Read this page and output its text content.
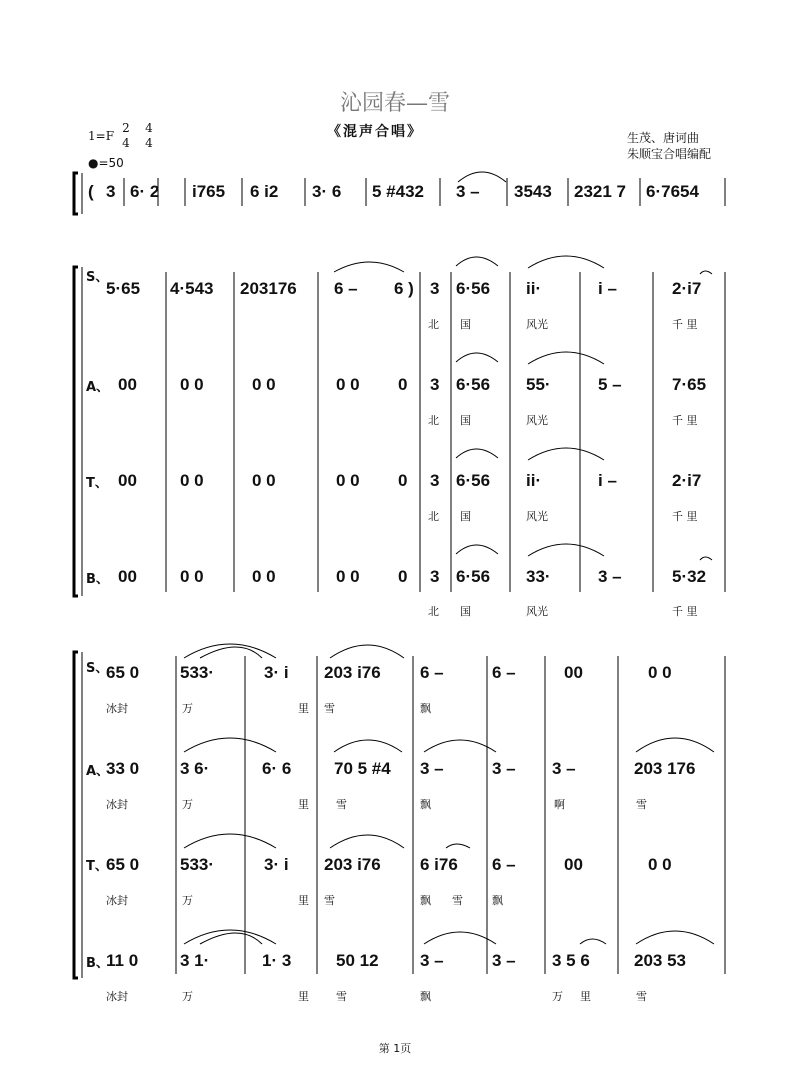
沁园春—雪
《混声合唱》
1=F
2
4
4
4
●=50
生茂、唐诃曲
朱顺宝合唱编配
( 3 6· 2 i765 6 i2 3· 6 5 #432 3 – 3543 2321 7 6·7654
S、
5·65 4·543 203176 6 – 6 ) 3 6·56 ii·	i –	2·i7
北 国	风光	千 里
A、 00	0 0	0 0	0 0 0 3 6·56 55·	5 –	7·65
北 国	风光	千 里
T、 00	0 0	0 0	0 0 0 3 6·56 ii·	i –	2·i7
北 国	风光	千 里
B、 00	0 0	0 0	0 0 0 3 6·56 33·	3 –	5·32
北 国	风光	千 里
S、
65 0 533·	3· i 203 i76 6 –	6 –	00	0 0
冰封	万	里 雪	飘
A、
33 0 3 6·	6· 6	70 5 #4 3 –	3 – 3 –	203 176
冰封	万	里 雪	飘	啊	雪
T、
65 0 533·	3· i 203 i76 6 i76 6 –	00	0 0
冰封	万	里 雪	飘 雪	飘
B、
11 0 3 1·	1· 3	50 12 3 –	3 – 3 5 6	203 53
冰封	万	里 雪	飘	万 里	雪
第 1页
